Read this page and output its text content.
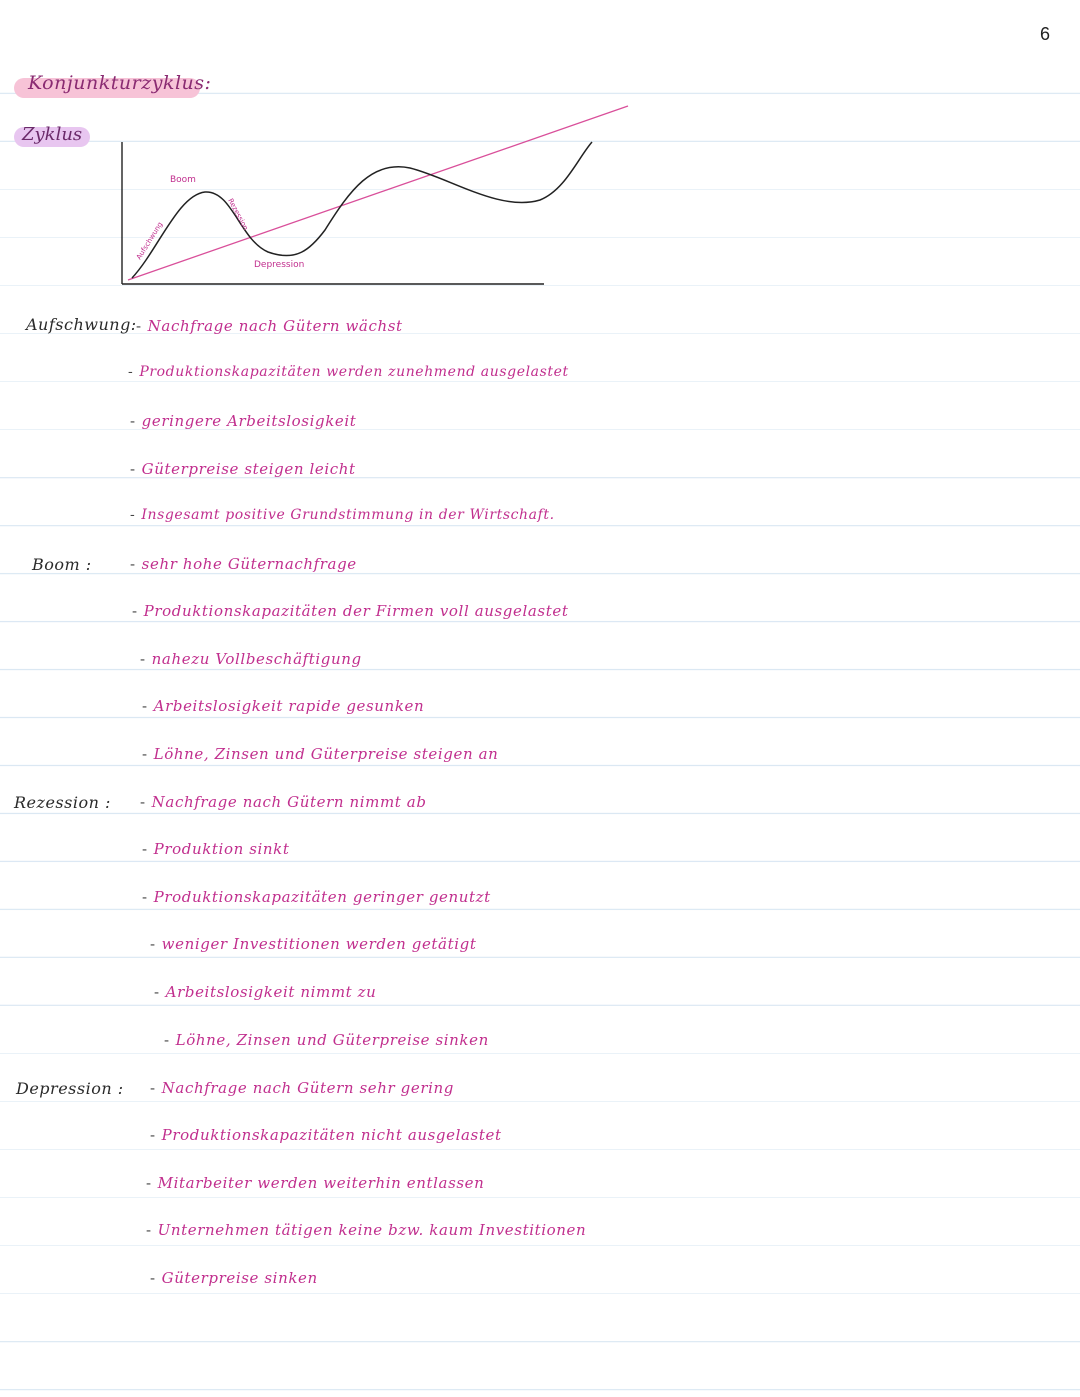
6
Konjunkturzyklus:
Zyklus
Boom
Aufschwung
Rezession
Depression
Aufschwung: - Nachfrage nach Gütern wächst
- Produktionskapazitäten werden zunehmend ausgelastet
- geringere Arbeitslosigkeit
- Güterpreise steigen leicht
- Insgesamt positive Grundstimmung in der Wirtschaft.
Boom :	- sehr hohe Güternachfrage
- Produktionskapazitäten der Firmen voll ausgelastet
- nahezu Vollbeschäftigung
- Arbeitslosigkeit rapide gesunken
- Löhne, Zinsen und Güterpreise steigen an
Rezession : - Nachfrage nach Gütern nimmt ab
- Produktion sinkt
- Produktionskapazitäten geringer genutzt
- weniger Investitionen werden getätigt
- Arbeitslosigkeit nimmt zu
- Löhne, Zinsen und Güterpreise sinken
Depression : - Nachfrage nach Gütern sehr gering
- Produktionskapazitäten nicht ausgelastet
- Mitarbeiter werden weiterhin entlassen
- Unternehmen tätigen keine bzw. kaum Investitionen
- Güterpreise sinken
